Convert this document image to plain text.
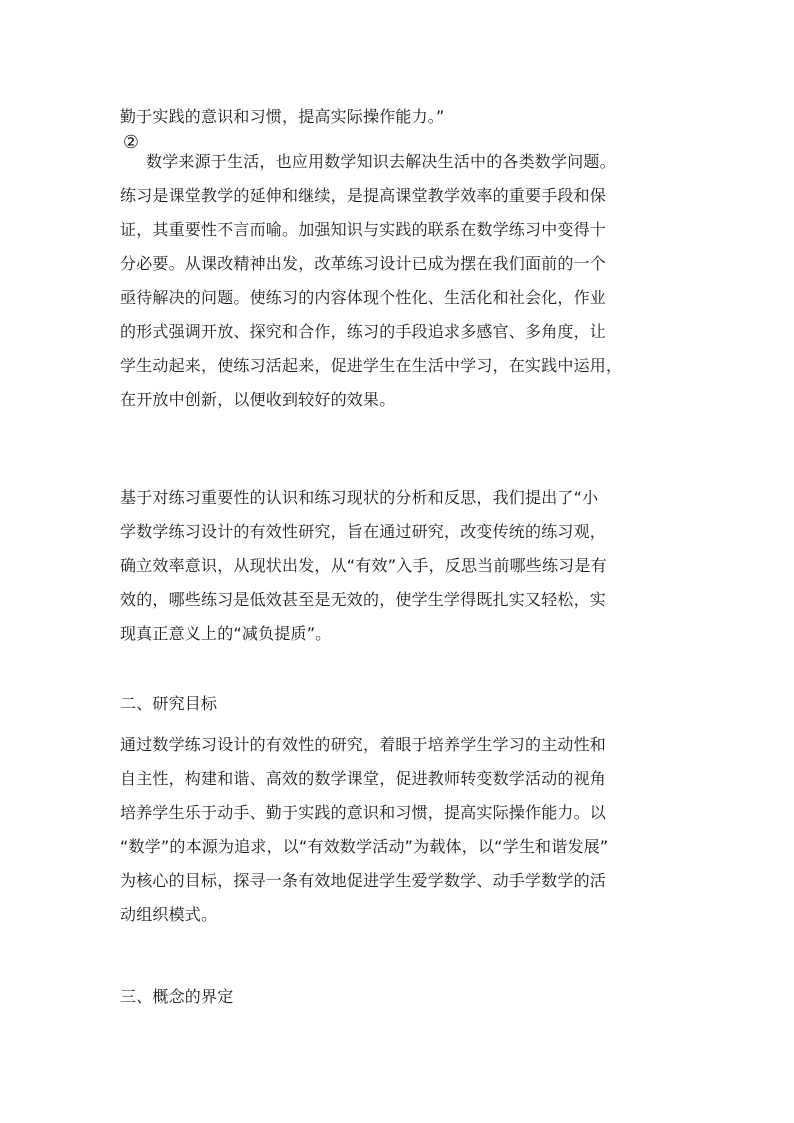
勤于实践的意识和习惯，提高实际操作能力。”
②
数学来源于生活，也应用数学知识去解决生活中的各类数学问题。
练习是课堂教学的延伸和继续，是提高课堂教学效率的重要手段和保
证，其重要性不言而喻。加强知识与实践的联系在数学练习中变得十
分必要。从课改精神出发，改革练习设计已成为摆在我们面前的一个
亟待解决的问题。使练习的内容体现个性化、生活化和社会化，作业
的形式强调开放、探究和合作，练习的手段追求多感官、多角度，让
学生动起来，使练习活起来，促进学生在生活中学习，在实践中运用，
在开放中创新，以便收到较好的效果。
基于对练习重要性的认识和练习现状的分析和反思，我们提出了“小
学数学练习设计的有效性研究，旨在通过研究，改变传统的练习观，
确立效率意识，从现状出发，从“有效”入手，反思当前哪些练习是有
效的，哪些练习是低效甚至是无效的，使学生学得既扎实又轻松，实
现真正意义上的“减负提质”。
二、研究目标
通过数学练习设计的有效性的研究，着眼于培养学生学习的主动性和
自主性，构建和谐、高效的数学课堂，促进教师转变数学活动的视角
培养学生乐于动手、勤于实践的意识和习惯，提高实际操作能力。以
“数学”的本源为追求，以“有效数学活动”为载体，以“学生和谐发展”
为核心的目标，探寻一条有效地促进学生爱学数学、动手学数学的活
动组织模式。
三、概念的界定
